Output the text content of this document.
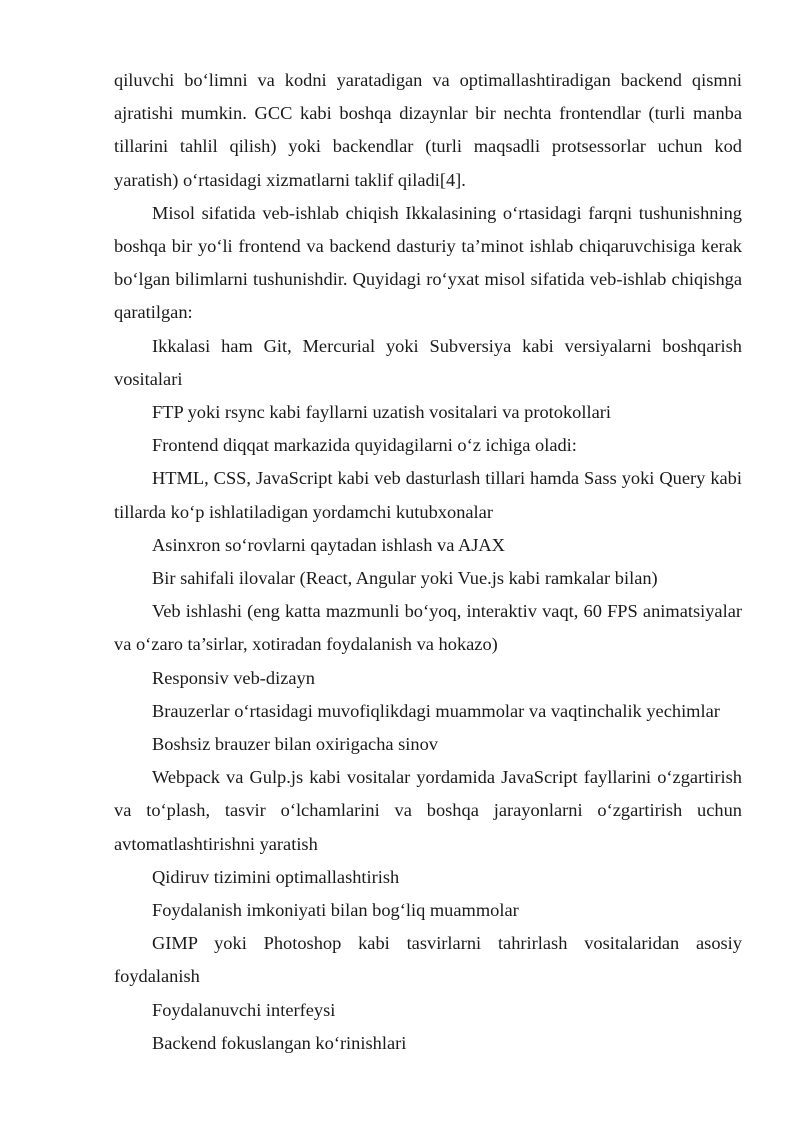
qiluvchi bo‘limni va kodni yaratadigan va optimallashtiradigan backend qismni ajratishi mumkin. GCC kabi boshqa dizaynlar bir nechta frontendlar (turli manba tillarini tahlil qilish) yoki backendlar (turli maqsadli protsessorlar uchun kod yaratish) o‘rtasidagi xizmatlarni taklif qiladi[4].

Misol sifatida veb-ishlab chiqish Ikkalasining o‘rtasidagi farqni tushunishning boshqa bir yo‘li frontend va backend dasturiy ta’minot ishlab chiqaruvchisiga kerak bo‘lgan bilimlarni tushunishdir. Quyidagi ro‘yxat misol sifatida veb-ishlab chiqishga qaratilgan:

Ikkalasi ham Git, Mercurial yoki Subversiya kabi versiyalarni boshqarish vositalari

FTP yoki rsync kabi fayllarni uzatish vositalari va protokollari

Frontend diqqat markazida quyidagilarni o‘z ichiga oladi:

HTML, CSS, JavaScript kabi veb dasturlash tillari hamda Sass yoki Query kabi tillarda ko‘p ishlatiladigan yordamchi kutubxonalar

Asinxron so‘rovlarni qaytadan ishlash va AJAX

Bir sahifali ilovalar (React, Angular yoki Vue.js kabi ramkalar bilan)

Veb ishlashi (eng katta mazmunli bo‘yoq, interaktiv vaqt, 60 FPS animatsiyalar va o‘zaro ta’sirlar, xotiradan foydalanish va hokazo)

Responsiv veb-dizayn

Brauzerlar o‘rtasidagi muvofiqlikdagi muammolar va vaqtinchalik yechimlar

Boshsiz brauzer bilan oxirigacha sinov

Webpack va Gulp.js kabi vositalar yordamida JavaScript fayllarini o‘zgartirish va to‘plash, tasvir o‘lchamlarini va boshqa jarayonlarni o‘zgartirish uchun avtomatlashtirishni yaratish

Qidiruv tizimini optimallashtirish

Foydalanish imkoniyati bilan bog‘liq muammolar

GIMP yoki Photoshop kabi tasvirlarni tahrirlash vositalaridan asosiy foydalanish

Foydalanuvchi interfeysi

Backend fokuslangan ko‘rinishlari
